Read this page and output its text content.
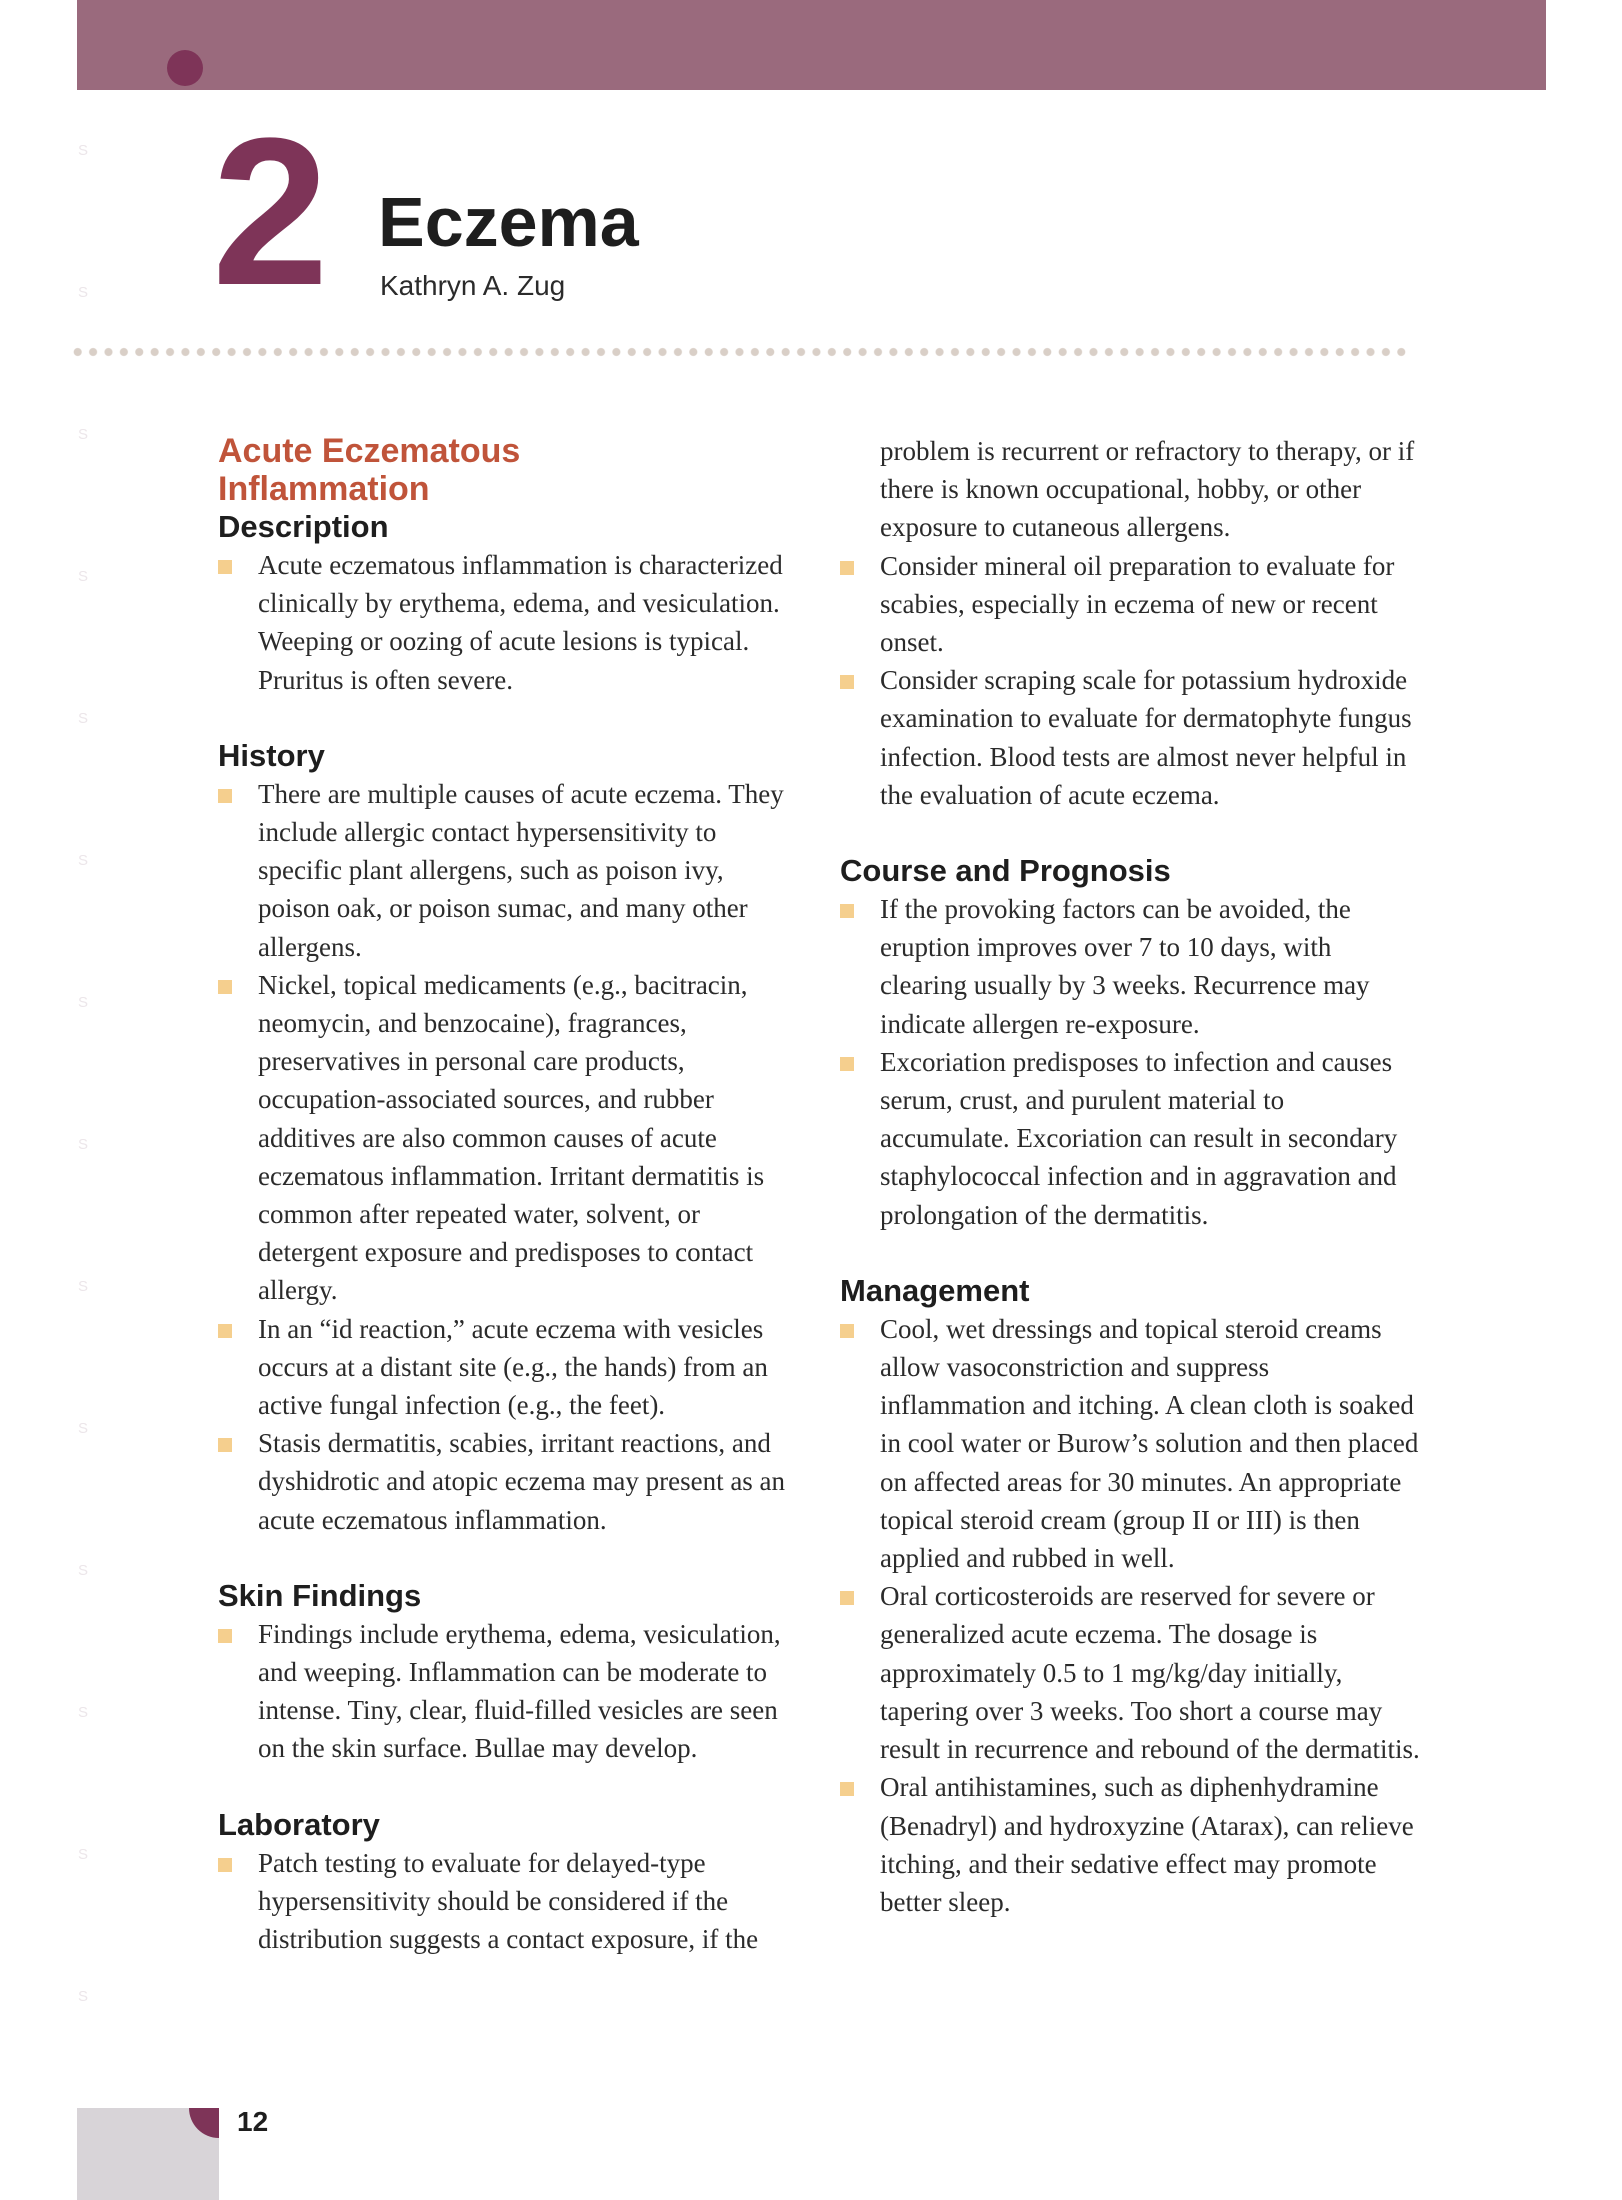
S
S
S
S
S
S
S
S
S
S
S
S
S
S
2 Eczema
Kathryn A. Zug
Acute Eczematous Inflammation
Description
Acute eczematous inflammation is characterized clinically by erythema, edema, and vesiculation. Weeping or oozing of acute lesions is typical. Pruritus is often severe.
History
There are multiple causes of acute eczema. They include allergic contact hypersensitivity to specific plant allergens, such as poison ivy, poison oak, or poison sumac, and many other allergens.
Nickel, topical medicaments (e.g., bacitracin, neomycin, and benzocaine), fragrances, preservatives in personal care products, occupation-associated sources, and rubber additives are also common causes of acute eczematous inflammation. Irritant dermatitis is common after repeated water, solvent, or detergent exposure and predisposes to contact allergy.
In an “id reaction,” acute eczema with vesicles occurs at a distant site (e.g., the hands) from an active fungal infection (e.g., the feet).
Stasis dermatitis, scabies, irritant reactions, and dyshidrotic and atopic eczema may present as an acute eczematous inflammation.
Skin Findings
Findings include erythema, edema, vesiculation, and weeping. Inflammation can be moderate to intense. Tiny, clear, fluid-filled vesicles are seen on the skin surface. Bullae may develop.
Laboratory
Patch testing to evaluate for delayed-type hypersensitivity should be considered if the distribution suggests a contact exposure, if the

problem is recurrent or refractory to therapy, or if there is known occupational, hobby, or other exposure to cutaneous allergens.

Consider mineral oil preparation to evaluate for scabies, especially in eczema of new or recent onset.
Consider scraping scale for potassium hydroxide examination to evaluate for dermatophyte fungus infection. Blood tests are almost never helpful in the evaluation of acute eczema.
Course and Prognosis
If the provoking factors can be avoided, the eruption improves over 7 to 10 days, with clearing usually by 3 weeks. Recurrence may indicate allergen re-exposure.
Excoriation predisposes to infection and causes serum, crust, and purulent material to accumulate. Excoriation can result in secondary staphylococcal infection and in aggravation and prolongation of the dermatitis.
Management
Cool, wet dressings and topical steroid creams allow vasoconstriction and suppress inflammation and itching. A clean cloth is soaked in cool water or Burow’s solution and then placed on affected areas for 30 minutes. An appropriate topical steroid cream (group II or III) is then applied and rubbed in well.
Oral corticosteroids are reserved for severe or generalized acute eczema. The dosage is approximately 0.5 to 1 mg/kg/day initially, tapering over 3 weeks. Too short a course may result in recurrence and rebound of the dermatitis.
Oral antihistamines, such as diphenhydramine (Benadryl) and hydroxyzine (Atarax), can relieve itching, and their sedative effect may promote better sleep.
12
